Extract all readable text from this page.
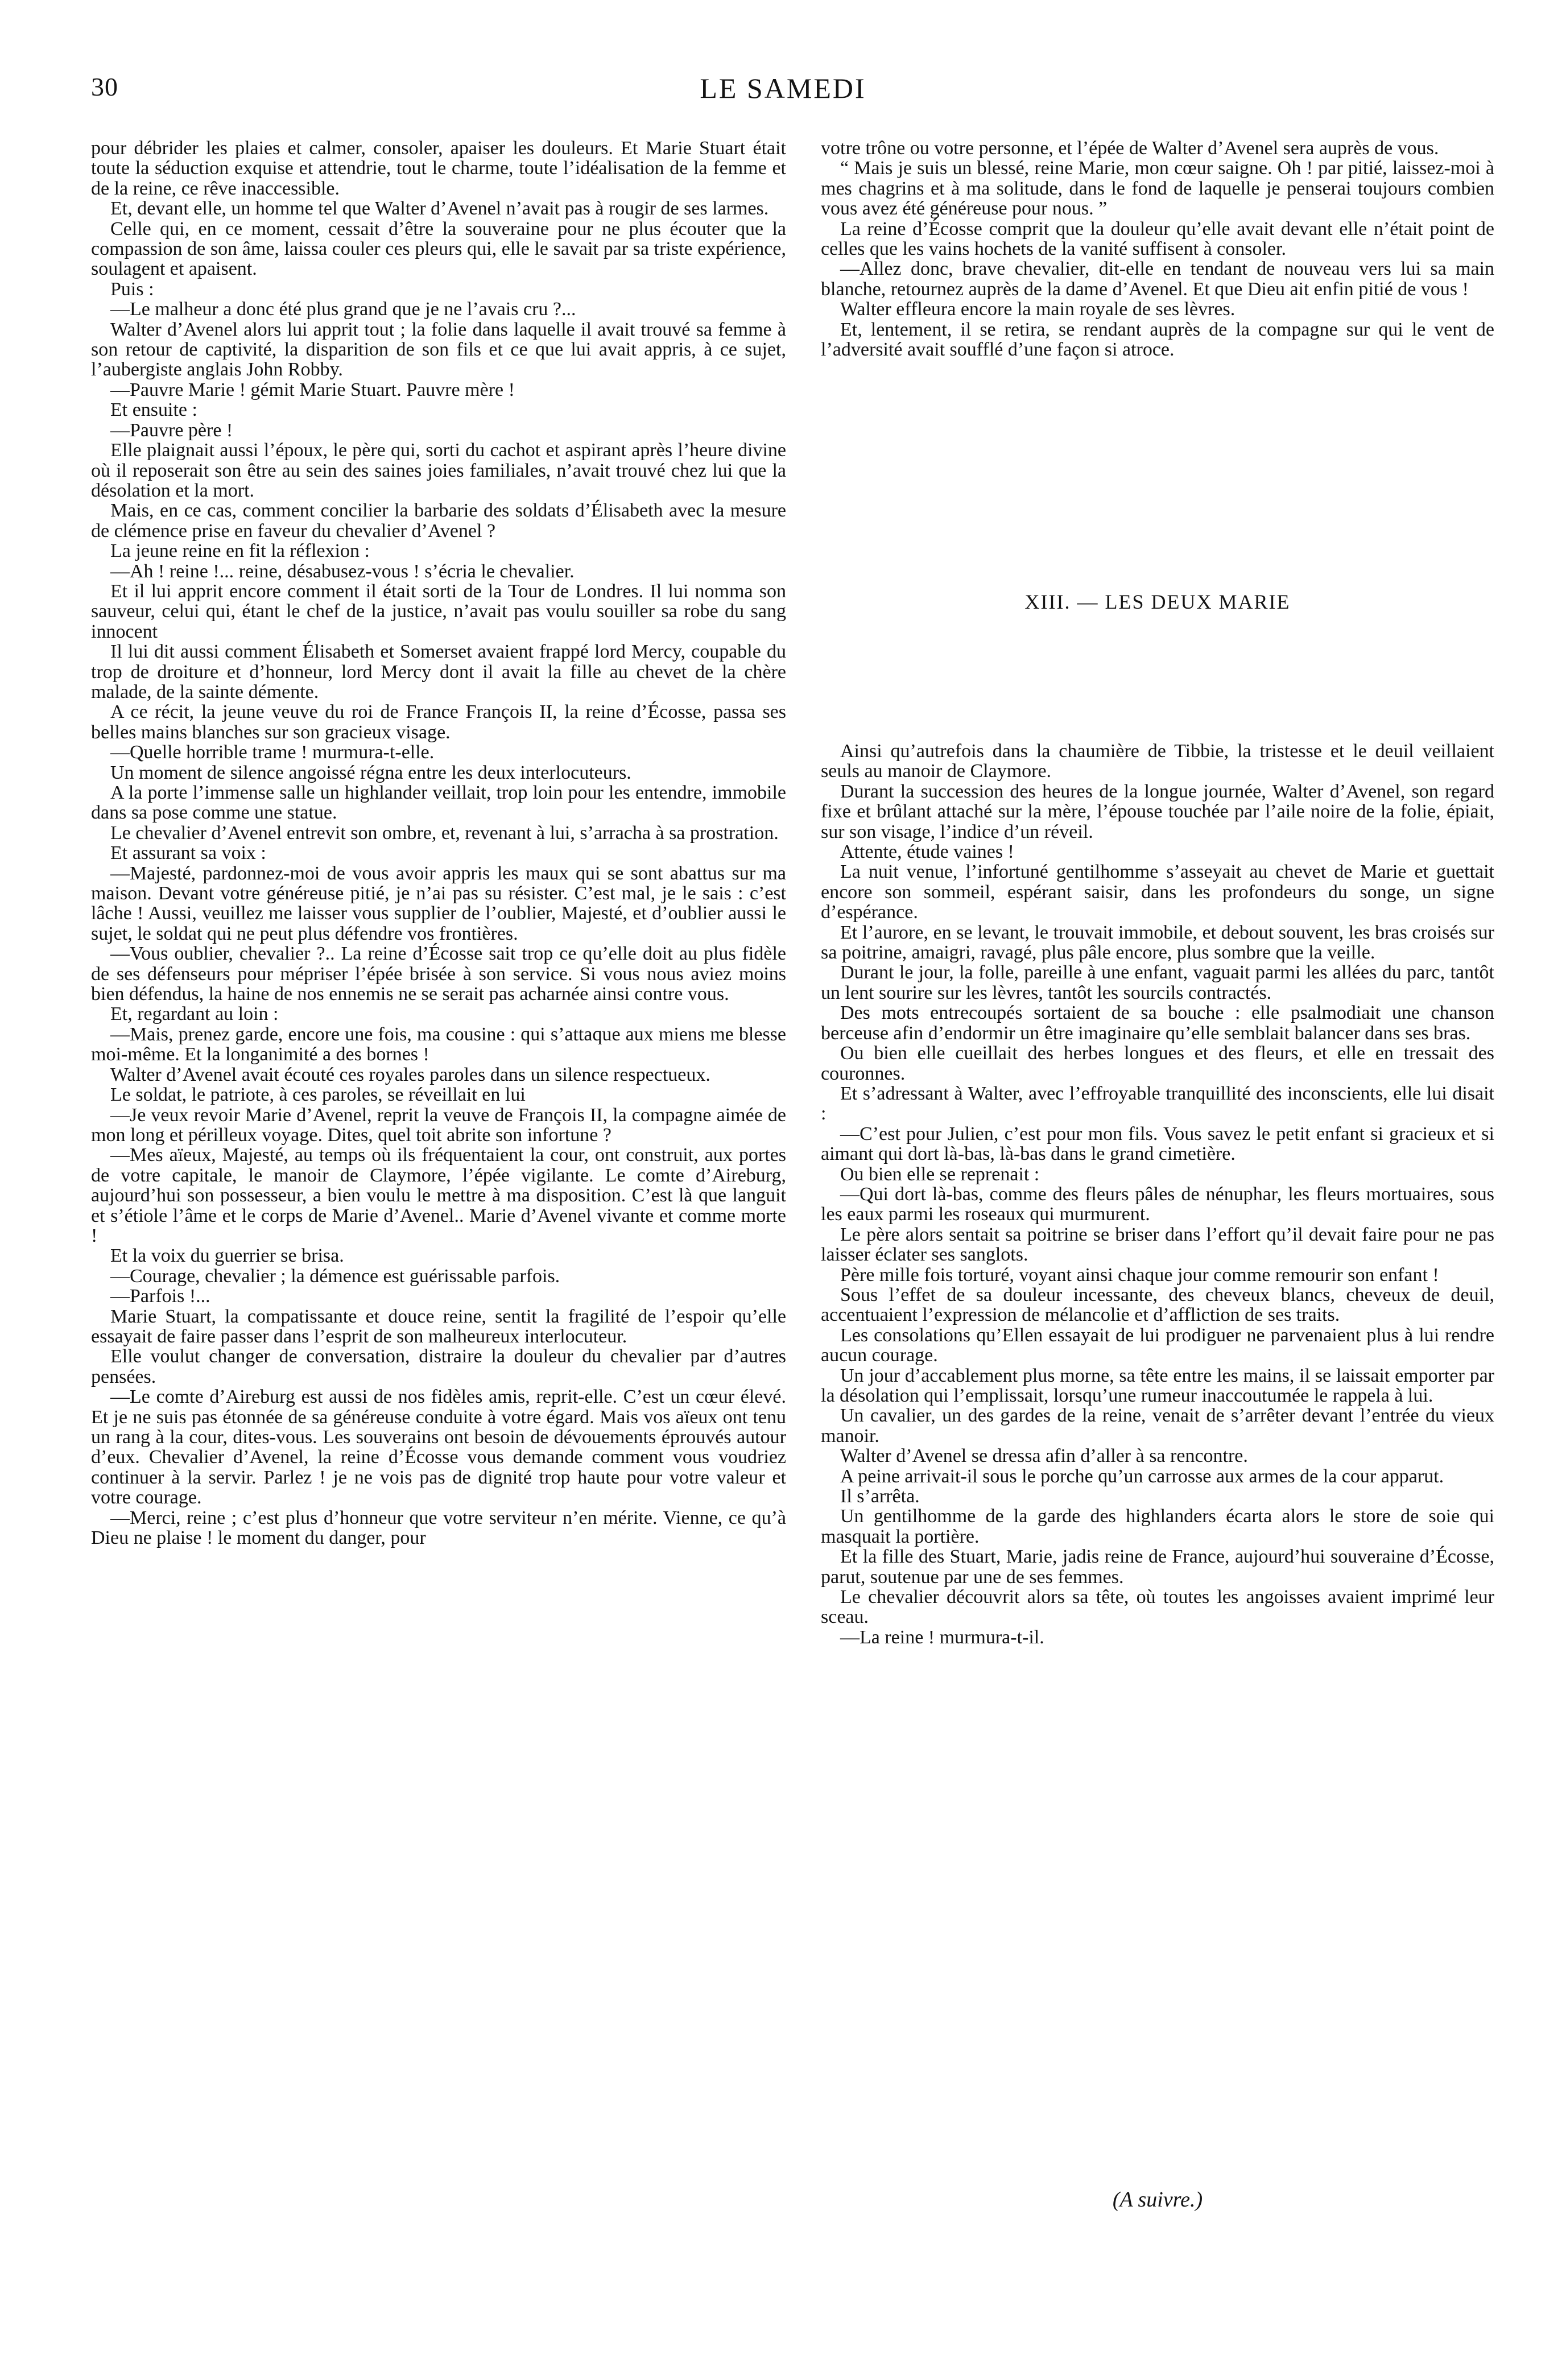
30	LE SAMEDI

pour débrider les plaies et calmer, consoler, apaiser les douleurs. Et Marie Stuart était toute la séduction exquise et attendrie, tout le charme, toute l’idéalisation de la femme et de la reine, ce rêve inaccessible.

Et, devant elle, un homme tel que Walter d’Avenel n’avait pas à rougir de ses larmes.

Celle qui, en ce moment, cessait d’être la souveraine pour ne plus écouter que la compassion de son âme, laissa couler ces pleurs qui, elle le savait par sa triste expérience, soulagent et apaisent.

Puis :

—Le malheur a donc été plus grand que je ne l’avais cru ?...

Walter d’Avenel alors lui apprit tout ; la folie dans laquelle il avait trouvé sa femme à son retour de captivité, la disparition de son fils et ce que lui avait appris, à ce sujet, l’aubergiste anglais John Robby.

—Pauvre Marie ! gémit Marie Stuart. Pauvre mère !

Et ensuite :

—Pauvre père !

Elle plaignait aussi l’époux, le père qui, sorti du cachot et aspirant après l’heure divine où il reposerait son être au sein des saines joies familiales, n’avait trouvé chez lui que la désolation et la mort.

Mais, en ce cas, comment concilier la barbarie des soldats d’Élisabeth avec la mesure de clémence prise en faveur du chevalier d’Avenel ?

La jeune reine en fit la réflexion :

—Ah ! reine !... reine, désabusez-vous ! s’écria le chevalier.

Et il lui apprit encore comment il était sorti de la Tour de Londres. Il lui nomma son sauveur, celui qui, étant le chef de la justice, n’avait pas voulu souiller sa robe du sang innocent

Il lui dit aussi comment Élisabeth et Somerset avaient frappé lord Mercy, coupable du trop de droiture et d’honneur, lord Mercy dont il avait la fille au chevet de la chère malade, de la sainte démente.

A ce récit, la jeune veuve du roi de France François II, la reine d’Écosse, passa ses belles mains blanches sur son gracieux visage.

—Quelle horrible trame ! murmura-t-elle.

Un moment de silence angoissé régna entre les deux interlocuteurs.

A la porte l’immense salle un highlander veillait, trop loin pour les entendre, immobile dans sa pose comme une statue.

Le chevalier d’Avenel entrevit son ombre, et, revenant à lui, s’arracha à sa prostration.

Et assurant sa voix :

—Majesté, pardonnez-moi de vous avoir appris les maux qui se sont abattus sur ma maison. Devant votre généreuse pitié, je n’ai pas su résister. C’est mal, je le sais : c’est lâche ! Aussi, veuillez me laisser vous supplier de l’oublier, Majesté, et d’oublier aussi le sujet, le soldat qui ne peut plus défendre vos frontières.

—Vous oublier, chevalier ?.. La reine d’Écosse sait trop ce qu’elle doit au plus fidèle de ses défenseurs pour mépriser l’épée brisée à son service. Si vous nous aviez moins bien défendus, la haine de nos ennemis ne se serait pas acharnée ainsi contre vous.

Et, regardant au loin :

—Mais, prenez garde, encore une fois, ma cousine : qui s’attaque aux miens me blesse moi-même. Et la longanimité a des bornes !

Walter d’Avenel avait écouté ces royales paroles dans un silence respectueux.

Le soldat, le patriote, à ces paroles, se réveillait en lui

—Je veux revoir Marie d’Avenel, reprit la veuve de François II, la compagne aimée de mon long et périlleux voyage. Dites, quel toit abrite son infortune ?

—Mes aïeux, Majesté, au temps où ils fréquentaient la cour, ont construit, aux portes de votre capitale, le manoir de Claymore, l’épée vigilante. Le comte d’Aireburg, aujourd’hui son possesseur, a bien voulu le mettre à ma disposition. C’est là que languit et s’étiole l’âme et le corps de Marie d’Avenel.. Marie d’Avenel vivante et comme morte !

Et la voix du guerrier se brisa.

—Courage, chevalier ; la démence est guérissable parfois.

—Parfois !...

Marie Stuart, la compatissante et douce reine, sentit la fragilité de l’espoir qu’elle essayait de faire passer dans l’esprit de son malheureux interlocuteur.

Elle voulut changer de conversation, distraire la douleur du chevalier par d’autres pensées.

—Le comte d’Aireburg est aussi de nos fidèles amis, reprit-elle. C’est un cœur élevé. Et je ne suis pas étonnée de sa généreuse conduite à votre égard. Mais vos aïeux ont tenu un rang à la cour, dites-vous. Les souverains ont besoin de dévouements éprouvés autour d’eux. Chevalier d’Avenel, la reine d’Écosse vous demande comment vous voudriez continuer à la servir. Parlez ! je ne vois pas de dignité trop haute pour votre valeur et votre courage.

—Merci, reine ; c’est plus d’honneur que votre serviteur n’en mérite. Vienne, ce qu’à Dieu ne plaise ! le moment du danger, pour

votre trône ou votre personne, et l’épée de Walter d’Avenel sera auprès de vous.

“ Mais je suis un blessé, reine Marie, mon cœur saigne. Oh ! par pitié, laissez-moi à mes chagrins et à ma solitude, dans le fond de laquelle je penserai toujours combien vous avez été généreuse pour nous. ”

La reine d’Écosse comprit que la douleur qu’elle avait devant elle n’était point de celles que les vains hochets de la vanité suffisent à consoler.

—Allez donc, brave chevalier, dit-elle en tendant de nouveau vers lui sa main blanche, retournez auprès de la dame d’Avenel. Et que Dieu ait enfin pitié de vous !

Walter effleura encore la main royale de ses lèvres.

Et, lentement, il se retira, se rendant auprès de la compagne sur qui le vent de l’adversité avait soufflé d’une façon si atroce.

XIII. — LES DEUX MARIE

Ainsi qu’autrefois dans la chaumière de Tibbie, la tristesse et le deuil veillaient seuls au manoir de Claymore.

Durant la succession des heures de la longue journée, Walter d’Avenel, son regard fixe et brûlant attaché sur la mère, l’épouse touchée par l’aile noire de la folie, épiait, sur son visage, l’indice d’un réveil.

Attente, étude vaines !

La nuit venue, l’infortuné gentilhomme s’asseyait au chevet de Marie et guettait encore son sommeil, espérant saisir, dans les profondeurs du songe, un signe d’espérance.

Et l’aurore, en se levant, le trouvait immobile, et debout souvent, les bras croisés sur sa poitrine, amaigri, ravagé, plus pâle encore, plus sombre que la veille.

Durant le jour, la folle, pareille à une enfant, vaguait parmi les allées du parc, tantôt un lent sourire sur les lèvres, tantôt les sourcils contractés.

Des mots entrecoupés sortaient de sa bouche : elle psalmodiait une chanson berceuse afin d’endormir un être imaginaire qu’elle semblait balancer dans ses bras.

Ou bien elle cueillait des herbes longues et des fleurs, et elle en tressait des couronnes.

Et s’adressant à Walter, avec l’effroyable tranquillité des inconscients, elle lui disait :

—C’est pour Julien, c’est pour mon fils. Vous savez le petit enfant si gracieux et si aimant qui dort là-bas, là-bas dans le grand cimetière.

Ou bien elle se reprenait :

—Qui dort là-bas, comme des fleurs pâles de nénuphar, les fleurs mortuaires, sous les eaux parmi les roseaux qui murmurent.

Le père alors sentait sa poitrine se briser dans l’effort qu’il devait faire pour ne pas laisser éclater ses sanglots.

Père mille fois torturé, voyant ainsi chaque jour comme remourir son enfant !

Sous l’effet de sa douleur incessante, des cheveux blancs, cheveux de deuil, accentuaient l’expression de mélancolie et d’affliction de ses traits.

Les consolations qu’Ellen essayait de lui prodiguer ne parvenaient plus à lui rendre aucun courage.

Un jour d’accablement plus morne, sa tête entre les mains, il se laissait emporter par la désolation qui l’emplissait, lorsqu’une rumeur inaccoutumée le rappela à lui.

Un cavalier, un des gardes de la reine, venait de s’arrêter devant l’entrée du vieux manoir.

Walter d’Avenel se dressa afin d’aller à sa rencontre.

A peine arrivait-il sous le porche qu’un carrosse aux armes de la cour apparut.

Il s’arrêta.

Un gentilhomme de la garde des highlanders écarta alors le store de soie qui masquait la portière.

Et la fille des Stuart, Marie, jadis reine de France, aujourd’hui souveraine d’Écosse, parut, soutenue par une de ses femmes.

Le chevalier découvrit alors sa tête, où toutes les angoisses avaient imprimé leur sceau.

—La reine ! murmura-t-il.

(A suivre.)
